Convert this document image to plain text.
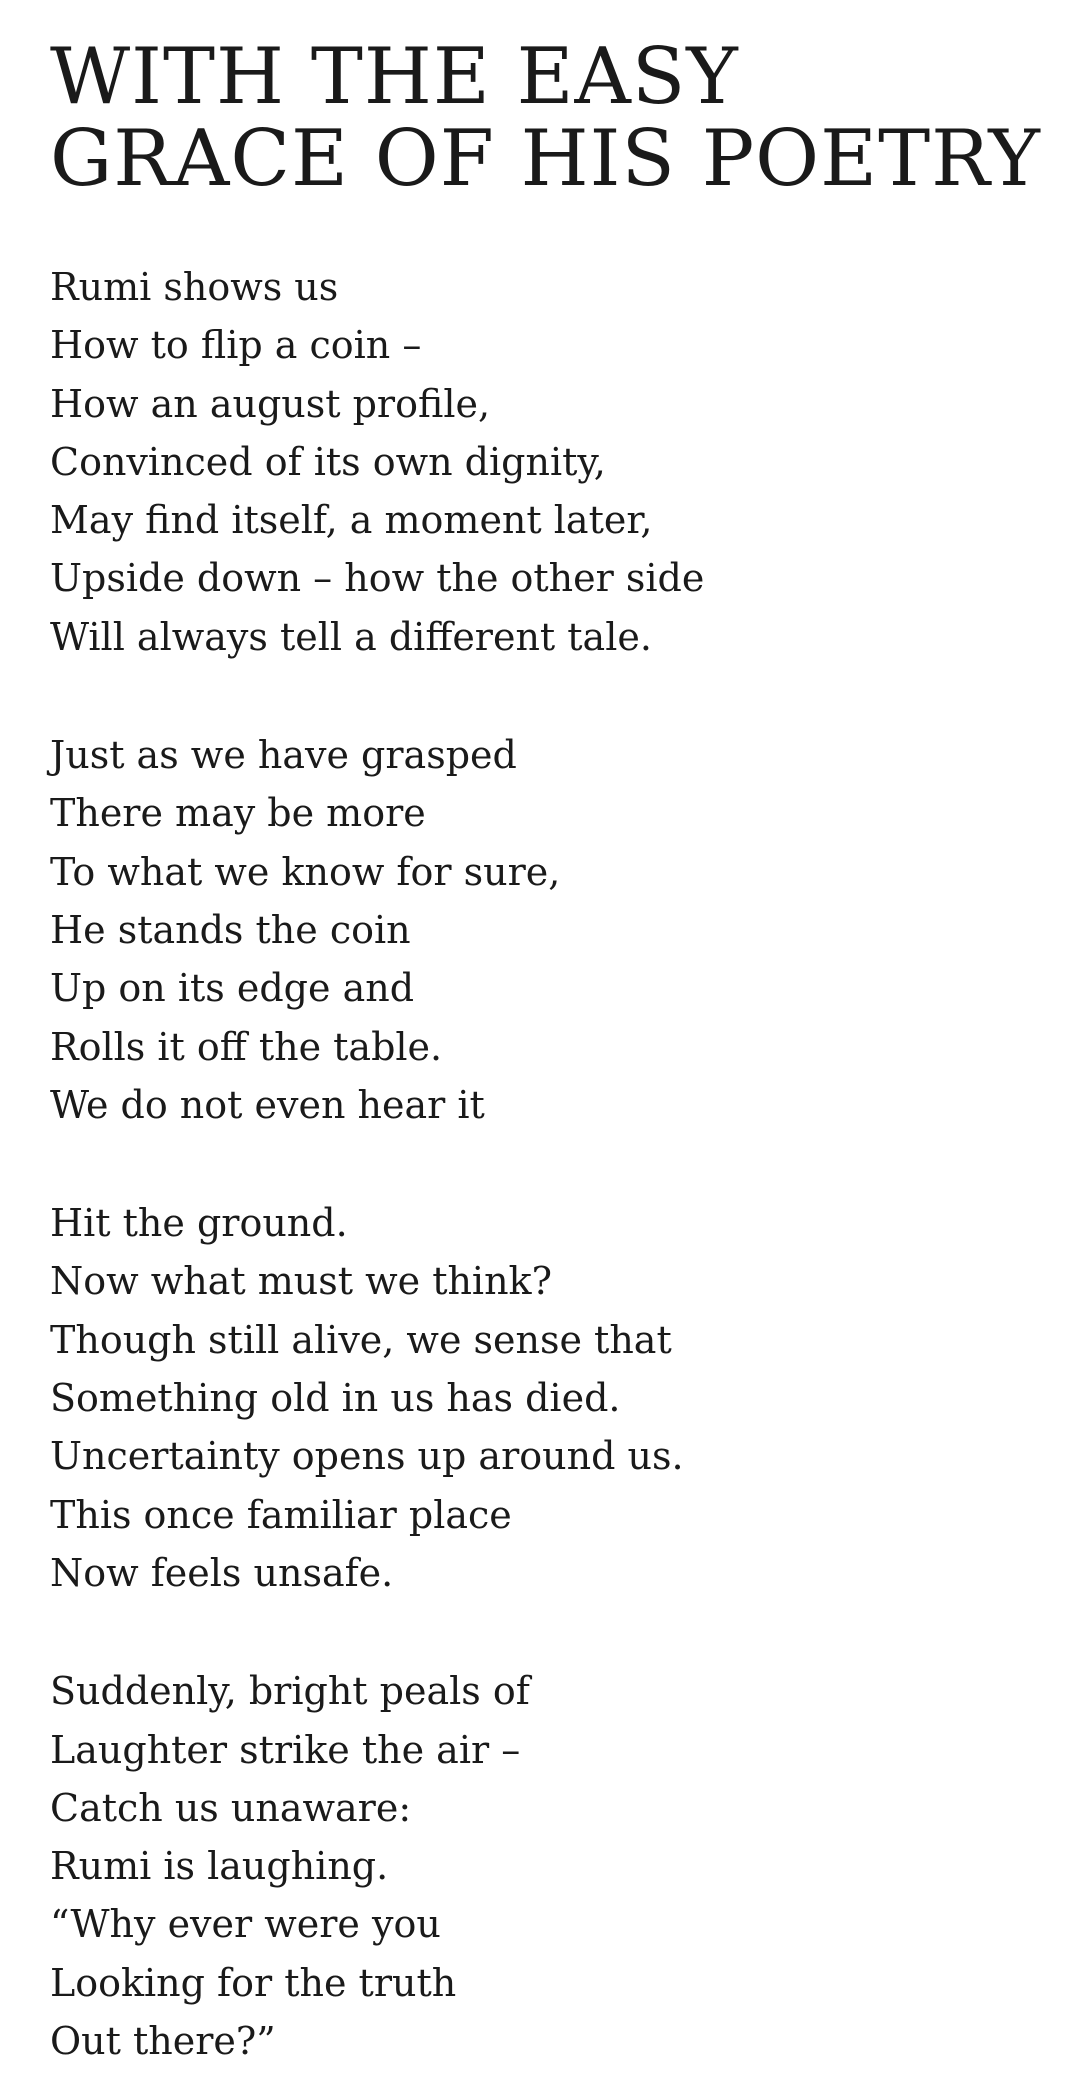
WITH THE EASY
GRACE OF HIS POETRY
Rumi shows us
How to flip a coin –
How an august profile,
Convinced of its own dignity,
May find itself, a moment later,
Upside down – how the other side
Will always tell a different tale.
Just as we have grasped
There may be more
To what we know for sure,
He stands the coin
Up on its edge and
Rolls it off the table.
We do not even hear it
Hit the ground.
Now what must we think?
Though still alive, we sense that
Something old in us has died.
Uncertainty opens up around us.
This once familiar place
Now feels unsafe.
Suddenly, bright peals of
Laughter strike the air –
Catch us unaware:
Rumi is laughing.
“Why ever were you
Looking for the truth
Out there?”
